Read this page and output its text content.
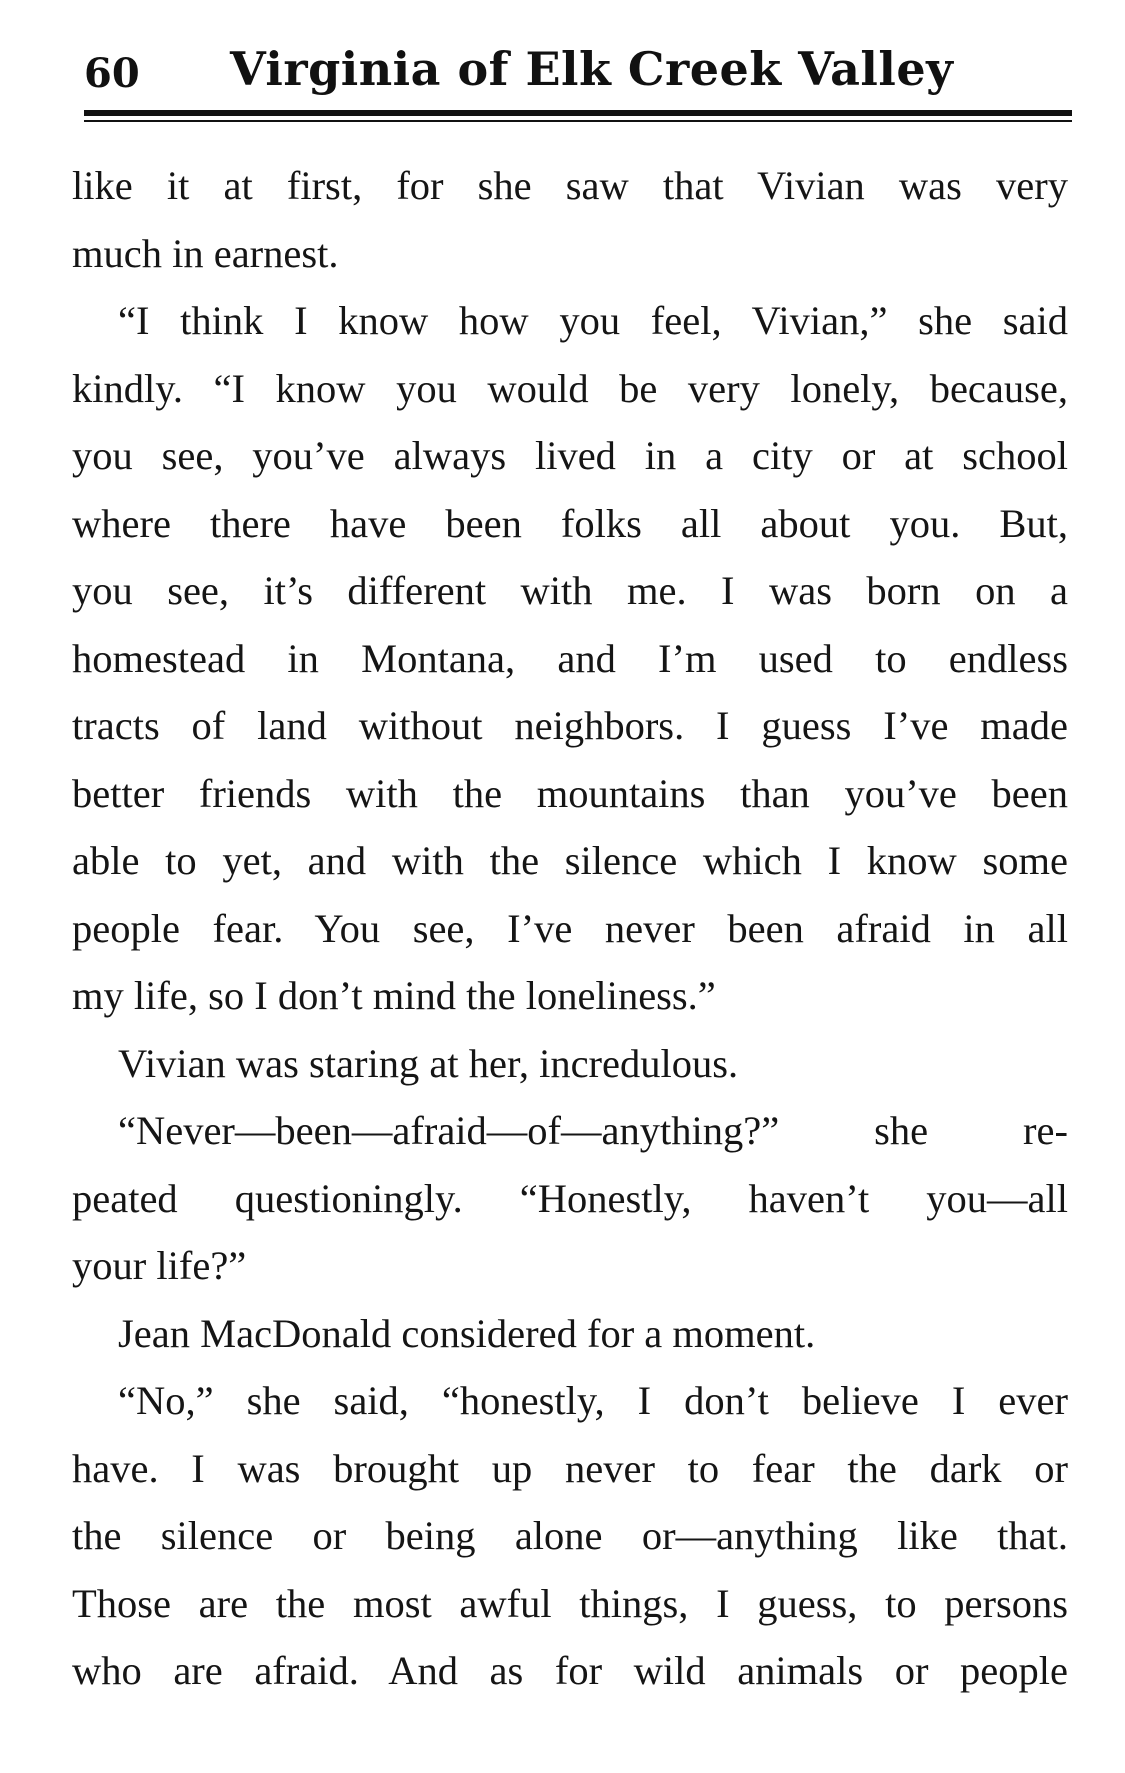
60 Virginia of Elk Creek Valley
like it at first, for she saw that Vivian was very
much in earnest.
“I think I know how you feel, Vivian,” she said
kindly. “I know you would be very lonely, because,
you see, you’ve always lived in a city or at school
where there have been folks all about you. But,
you see, it’s different with me. I was born on a
homestead in Montana, and I’m used to endless
tracts of land without neighbors. I guess I’ve made
better friends with the mountains than you’ve been
able to yet, and with the silence which I know some
people fear. You see, I’ve never been afraid in all
my life, so I don’t mind the loneliness.”
Vivian was staring at her, incredulous.
“Never—been—afraid—of—anything?” she re-
peated questioningly. “Honestly, haven’t you—all
your life?”
Jean MacDonald considered for a moment.
“No,” she said, “honestly, I don’t believe I ever
have. I was brought up never to fear the dark or
the silence or being alone or—anything like that.
Those are the most awful things, I guess, to persons
who are afraid. And as for wild animals or people
